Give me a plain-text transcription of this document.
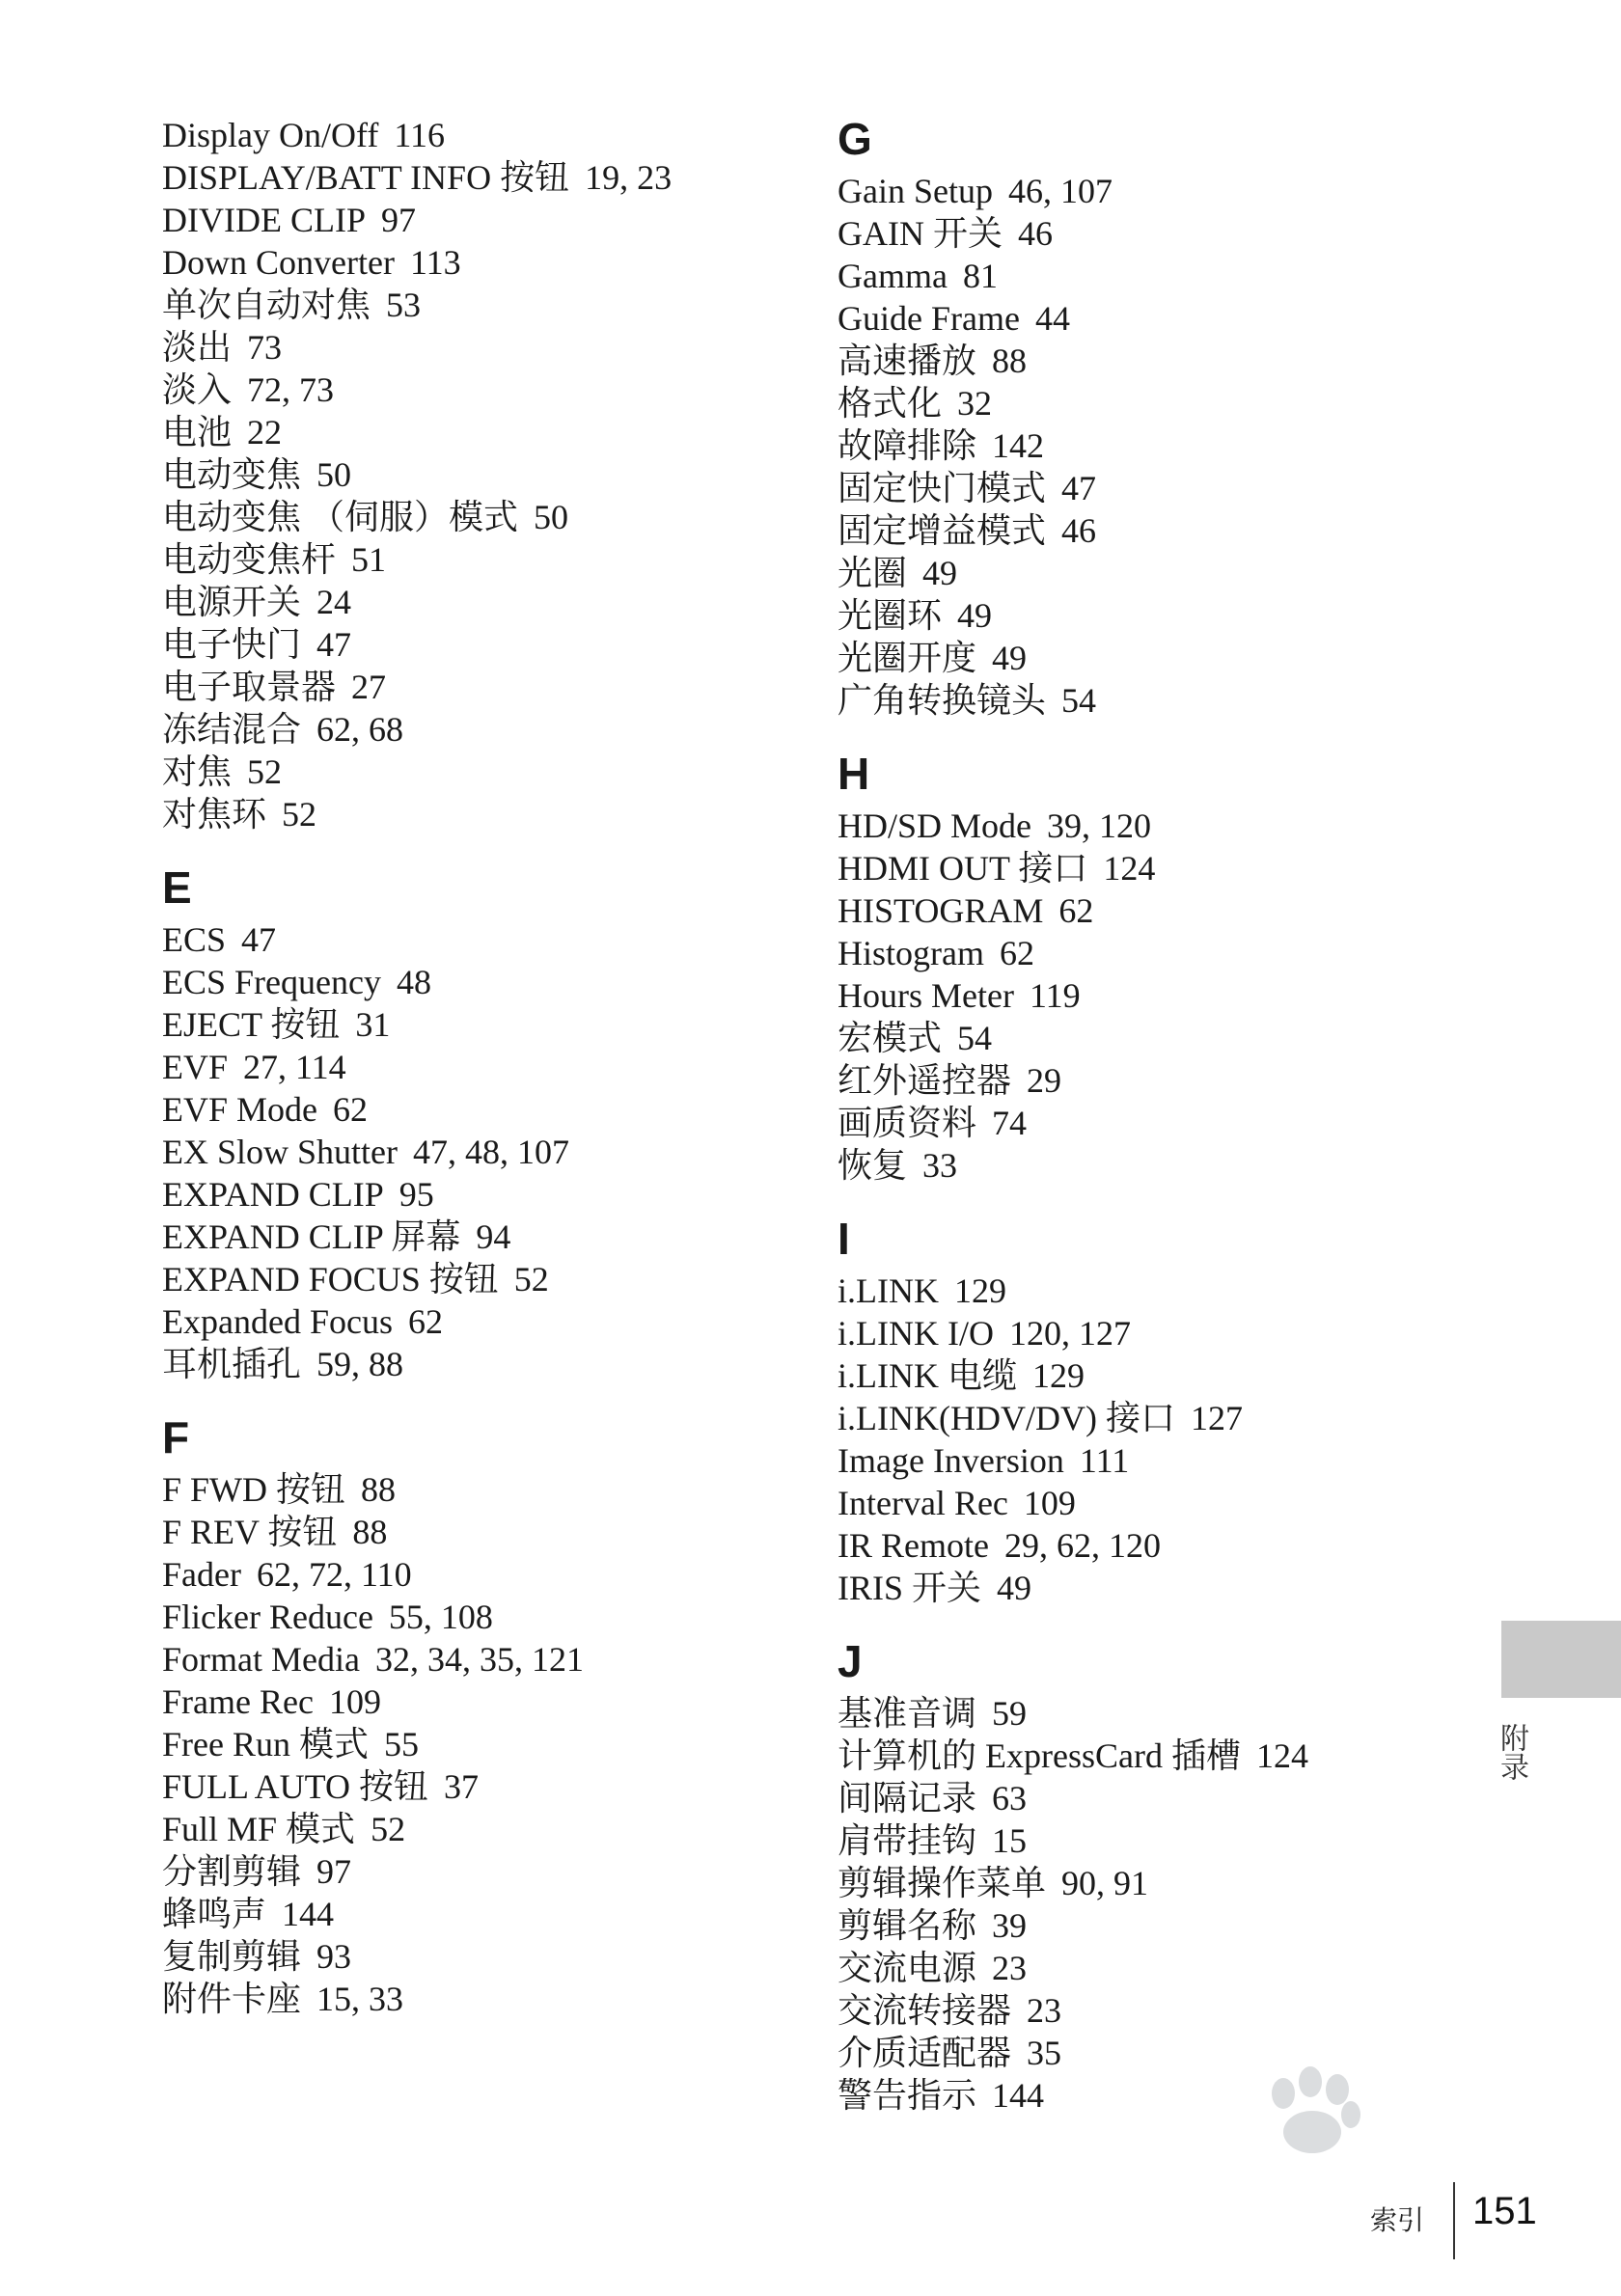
Display On/Off 116
DISPLAY/BATT INFO 按钮 19, 23
DIVIDE CLIP 97
Down Converter 113
单次自动对焦 53
淡出 73
淡入 72, 73
电池 22
电动变焦 50
电动变焦 （伺服）模式 50
电动变焦杆 51
电源开关 24
电子快门 47
电子取景器 27
冻结混合 62, 68
对焦 52
对焦环 52
E
ECS 47
ECS Frequency 48
EJECT 按钮 31
EVF 27, 114
EVF Mode 62
EX Slow Shutter 47, 48, 107
EXPAND CLIP 95
EXPAND CLIP 屏幕 94
EXPAND FOCUS 按钮 52
Expanded Focus 62
耳机插孔 59, 88
F
F FWD 按钮 88
F REV 按钮 88
Fader 62, 72, 110
Flicker Reduce 55, 108
Format Media 32, 34, 35, 121
Frame Rec 109
Free Run 模式 55
FULL AUTO 按钮 37
Full MF 模式 52
分割剪辑 97
蜂鸣声 144
复制剪辑 93
附件卡座 15, 33
G
Gain Setup 46, 107
GAIN 开关 46
Gamma 81
Guide Frame 44
高速播放 88
格式化 32
故障排除 142
固定快门模式 47
固定增益模式 46
光圈 49
光圈环 49
光圈开度 49
广角转换镜头 54
H
HD/SD Mode 39, 120
HDMI OUT 接口 124
HISTOGRAM 62
Histogram 62
Hours Meter 119
宏模式 54
红外遥控器 29
画质资料 74
恢复 33
I
i.LINK 129
i.LINK I/O 120, 127
i.LINK 电缆 129
i.LINK(HDV/DV) 接口 127
Image Inversion 111
Interval Rec 109
IR Remote 29, 62, 120
IRIS 开关 49
J
基准音调 59
计算机的 ExpressCard 插槽 124
间隔记录 63
肩带挂钩 15
剪辑操作菜单 90, 91
剪辑名称 39
交流电源 23
交流转接器 23
介质适配器 35
警告指示 144
附录
索引 151
